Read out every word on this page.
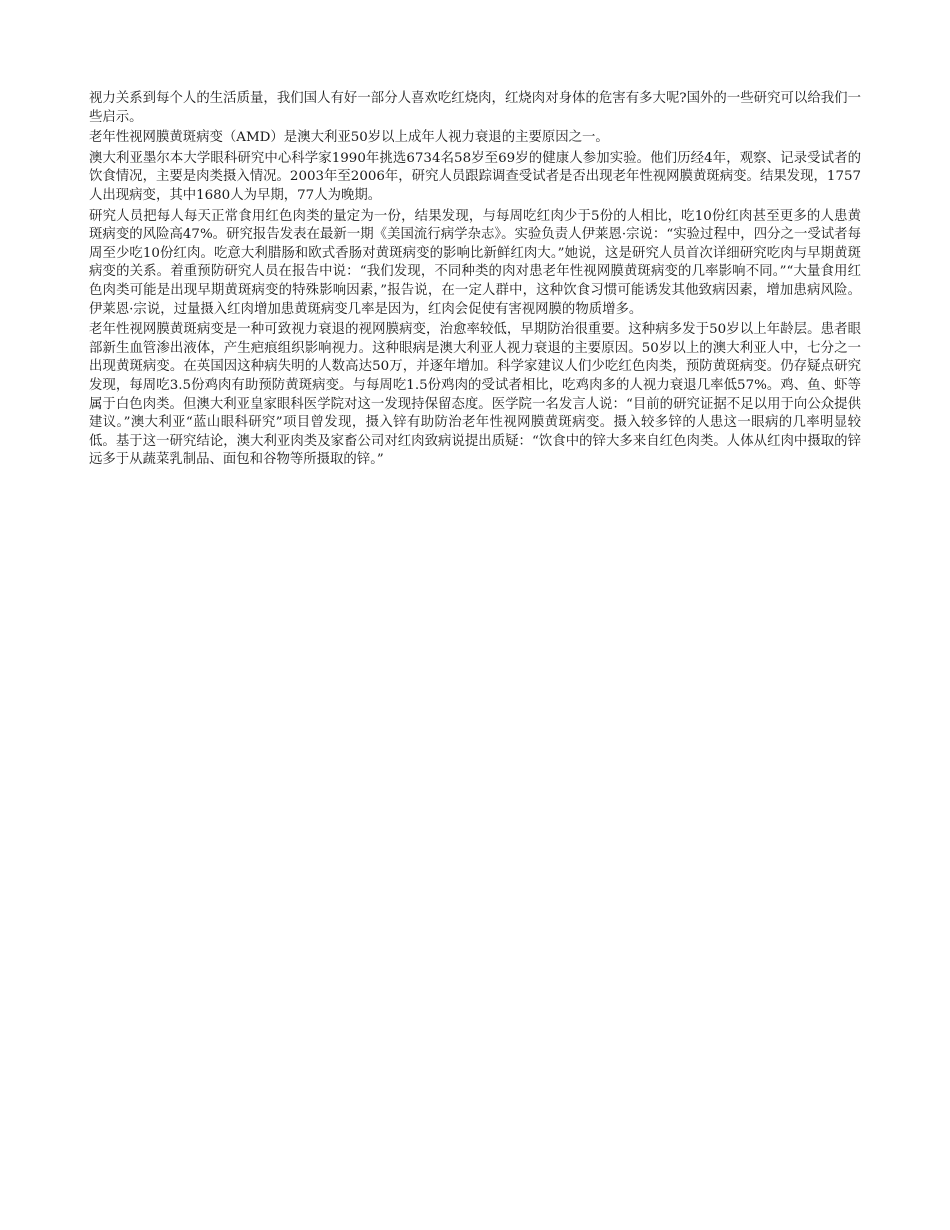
视力关系到每个人的生活质量，我们国人有好一部分人喜欢吃红烧肉，红烧肉对身体的危害有多大呢?国外的一些研究可以给我们一些启示。

老年性视网膜黄斑病变（AMD）是澳大利亚50岁以上成年人视力衰退的主要原因之一。

澳大利亚墨尔本大学眼科研究中心科学家1990年挑选6734名58岁至69岁的健康人参加实验。他们历经4年，观察、记录受试者的饮食情况，主要是肉类摄入情况。2003年至2006年，研究人员跟踪调查受试者是否出现老年性视网膜黄斑病变。结果发现，1757人出现病变，其中1680人为早期，77人为晚期。

研究人员把每人每天正常食用红色肉类的量定为一份，结果发现，与每周吃红肉少于5份的人相比，吃10份红肉甚至更多的人患黄斑病变的风险高47%。研究报告发表在最新一期《美国流行病学杂志》。实验负责人伊莱恩·宗说：“实验过程中，四分之一受试者每周至少吃10份红肉。吃意大利腊肠和欧式香肠对黄斑病变的影响比新鲜红肉大。”她说，这是研究人员首次详细研究吃肉与早期黄斑病变的关系。着重预防研究人员在报告中说：“我们发现，不同种类的肉对患老年性视网膜黄斑病变的几率影响不同。”“大量食用红色肉类可能是出现早期黄斑病变的特殊影响因素，”报告说，在一定人群中，这种饮食习惯可能诱发其他致病因素，增加患病风险。伊莱恩·宗说，过量摄入红肉增加患黄斑病变几率是因为，红肉会促使有害视网膜的物质增多。

老年性视网膜黄斑病变是一种可致视力衰退的视网膜病变，治愈率较低，早期防治很重要。这种病多发于50岁以上年龄层。患者眼部新生血管渗出液体，产生疤痕组织影响视力。这种眼病是澳大利亚人视力衰退的主要原因。50岁以上的澳大利亚人中，七分之一出现黄斑病变。在英国因这种病失明的人数高达50万，并逐年增加。科学家建议人们少吃红色肉类，预防黄斑病变。仍存疑点研究发现，每周吃3.5份鸡肉有助预防黄斑病变。与每周吃1.5份鸡肉的受试者相比，吃鸡肉多的人视力衰退几率低57%。鸡、鱼、虾等属于白色肉类。但澳大利亚皇家眼科医学院对这一发现持保留态度。医学院一名发言人说：“目前的研究证据不足以用于向公众提供建议。”澳大利亚“蓝山眼科研究”项目曾发现，摄入锌有助防治老年性视网膜黄斑病变。摄入较多锌的人患这一眼病的几率明显较低。基于这一研究结论，澳大利亚肉类及家畜公司对红肉致病说提出质疑：“饮食中的锌大多来自红色肉类。人体从红肉中摄取的锌远多于从蔬菜乳制品、面包和谷物等所摄取的锌。”
